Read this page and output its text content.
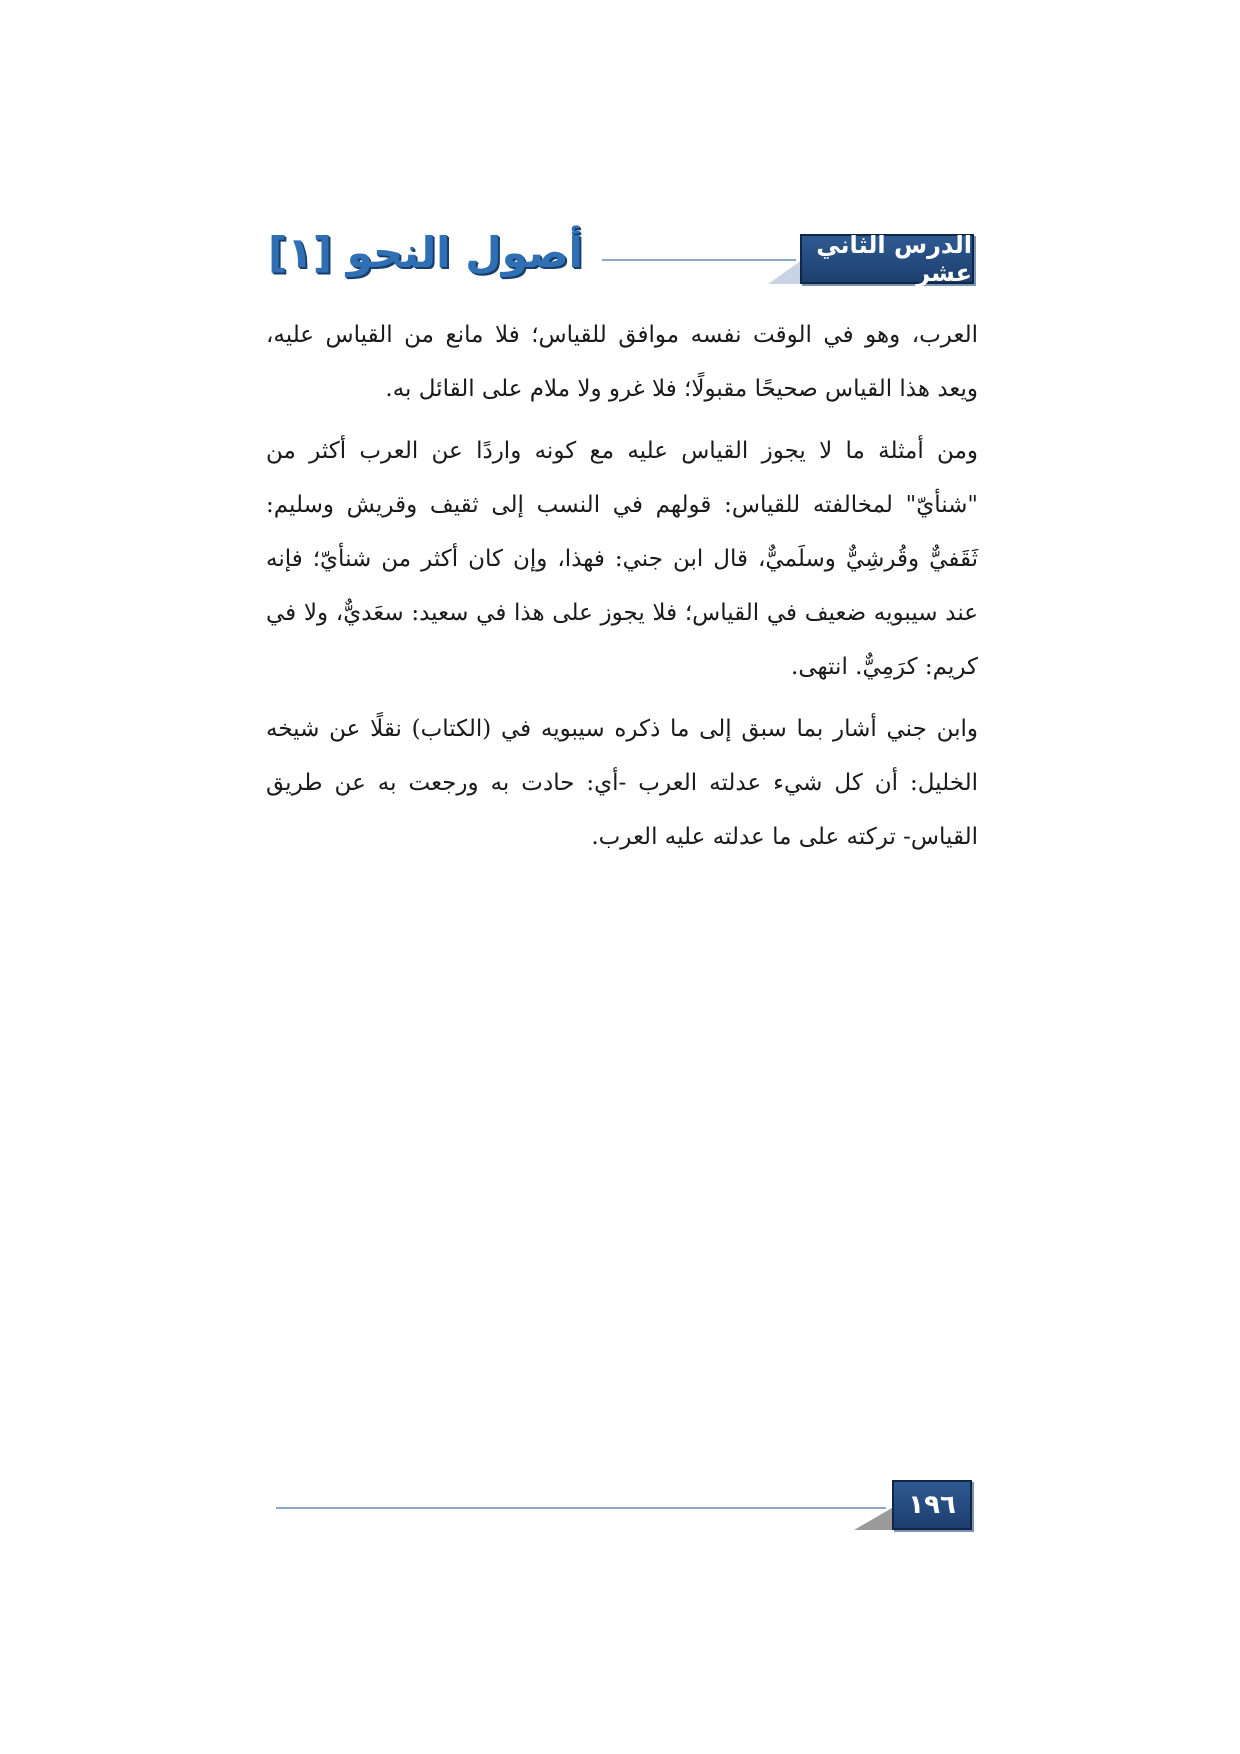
أصول النحو [١]	الدرس الثاني عشر

العرب، وهو في الوقت نفسه موافق للقياس؛ فلا مانع من القياس عليه، ويعد هذا القياس صحيحًا مقبولًا؛ فلا غرو ولا ملام على القائل به.

ومن أمثلة ما لا يجوز القياس عليه مع كونه واردًا عن العرب أكثر من "شنأيّ" لمخالفته للقياس: قولهم في النسب إلى ثقيف وقريش وسليم: ثَقَفيٌّ وقُرشِيٌّ وسلَميٌّ، قال ابن جني: فهذا، وإن كان أكثر من شنأيّ؛ فإنه عند سيبويه ضعيف في القياس؛ فلا يجوز على هذا في سعيد: سعَديٌّ، ولا في كريم: كرَمِيٌّ. انتهى.

وابن جني أشار بما سبق إلى ما ذكره سيبويه في (الكتاب) نقلًا عن شيخه الخليل: أن كل شيء عدلته العرب -أي: حادت به ورجعت به عن طريق القياس- تركته على ما عدلته عليه العرب.

١٩٦
